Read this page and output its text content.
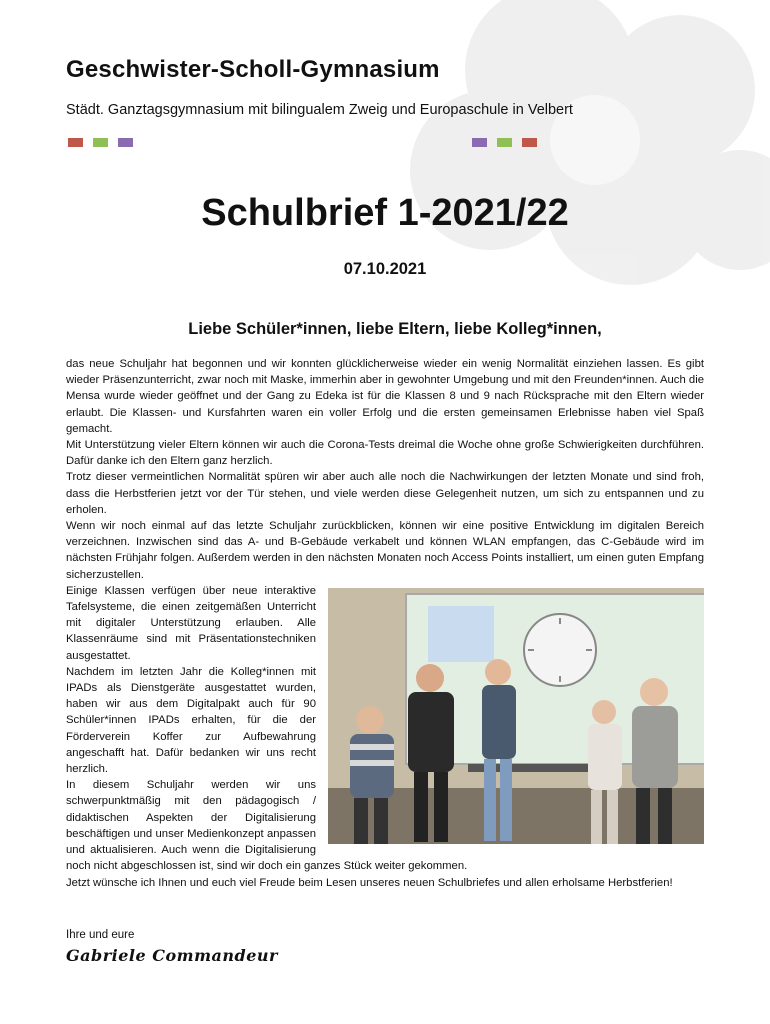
Geschwister-Scholl-Gymnasium
Städt. Ganztagsgymnasium mit bilingualem Zweig und Europaschule in Velbert
Schulbrief 1-2021/22
07.10.2021
Liebe Schüler*innen, liebe Eltern, liebe Kolleg*innen,

das neue Schuljahr hat begonnen und wir konnten glücklicherweise wieder ein wenig Normalität einziehen lassen. Es gibt wieder Präsenzunterricht, zwar noch mit Maske, immerhin aber in gewohnter Umgebung und mit den Freunden*innen. Auch die Mensa wurde wieder geöffnet und der Gang zu Edeka ist für die Klassen 8 und 9 nach Rücksprache mit den Eltern wieder erlaubt. Die Klassen- und Kursfahrten waren ein voller Erfolg und die ersten gemeinsamen Erlebnisse haben viel Spaß gemacht.

Mit Unterstützung vieler Eltern können wir auch die Corona-Tests dreimal die Woche ohne große Schwierigkeiten durchführen. Dafür danke ich den Eltern ganz herzlich.

Trotz dieser vermeintlichen Normalität spüren wir aber auch alle noch die Nachwirkungen der letzten Monate und sind froh, dass die Herbstferien jetzt vor der Tür stehen, und viele werden diese Gelegenheit nutzen, um sich zu entspannen und zu erholen.

Wenn wir noch einmal auf das letzte Schuljahr zurückblicken, können wir eine positive Entwicklung im digitalen Bereich verzeichnen. Inzwischen sind das A- und B-Gebäude verkabelt und können WLAN empfangen, das C-Gebäude wird im nächsten Frühjahr folgen. Außerdem werden in den nächsten Monaten noch Access Points installiert, um einen guten Empfang sicherzustellen.

Einige Klassen verfügen über neue interaktive Tafelsysteme, die einen zeitgemäßen Unterricht mit digitaler Unterstützung erlauben. Alle Klassenräume sind mit Präsentationstechniken ausgestattet.

Nachdem im letzten Jahr die Kolleg*innen mit IPADs als Dienstgeräte ausgestattet wurden, haben wir aus dem Digitalpakt auch für 90 Schüler*innen IPADs erhalten, für die der Förderverein Koffer zur Aufbewahrung angeschafft hat. Dafür bedanken wir uns recht herzlich.

In diesem Schuljahr werden wir uns schwerpunktmäßig mit den pädagogisch / didaktischen Aspekten der Digitalisierung beschäftigen und unser Medienkonzept anpassen und aktualisieren. Auch wenn die Digitalisierung noch nicht abgeschlossen ist, sind wir doch ein ganzes Stück weiter gekommen.

Jetzt wünsche ich Ihnen und euch viel Freude beim Lesen unseres neuen Schulbriefes und allen erholsame Herbstferien!

Ihre und eure
Gabriele Commandeur
